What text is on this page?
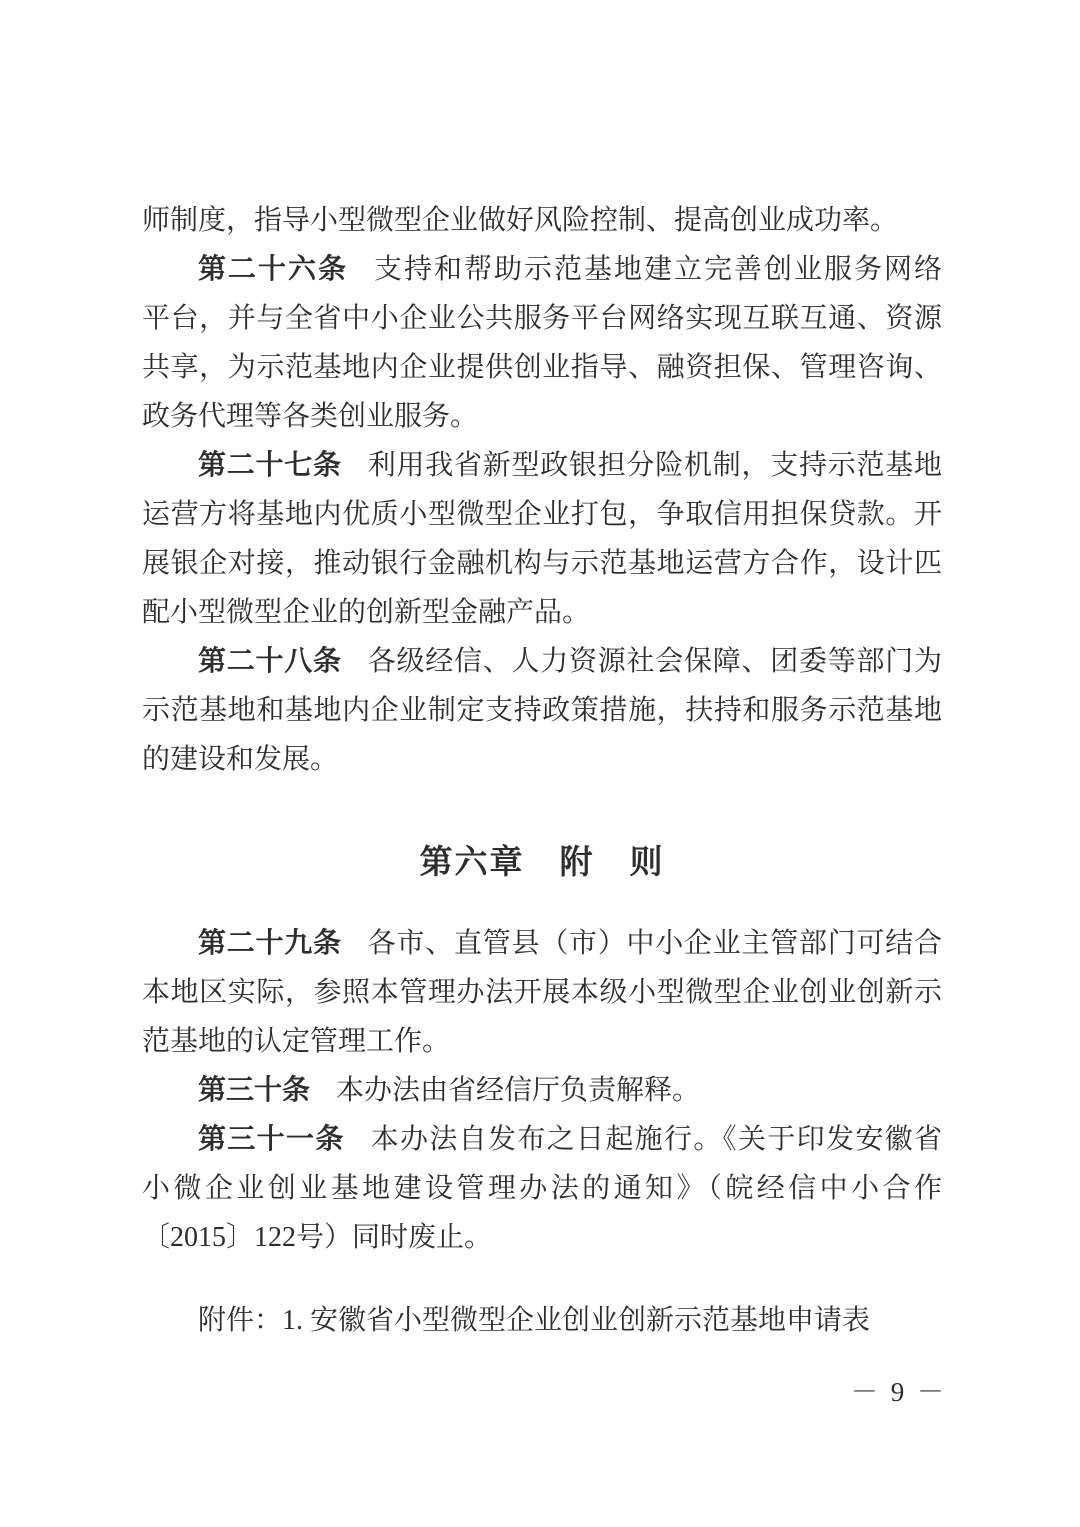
师制度，指导小型微型企业做好风险控制、提高创业成功率。

第二十六条 支持和帮助示范基地建立完善创业服务网络

平台，并与全省中小企业公共服务平台网络实现互联互通、资源

共享，为示范基地内企业提供创业指导、融资担保、管理咨询、

政务代理等各类创业服务。

第二十七条 利用我省新型政银担分险机制，支持示范基地

运营方将基地内优质小型微型企业打包，争取信用担保贷款。开

展银企对接，推动银行金融机构与示范基地运营方合作，设计匹

配小型微型企业的创新型金融产品。

第二十八条 各级经信、人力资源社会保障、团委等部门为

示范基地和基地内企业制定支持政策措施，扶持和服务示范基地

的建设和发展。

第六章　附　则

第二十九条 各市、直管县（市）中小企业主管部门可结合

本地区实际，参照本管理办法开展本级小型微型企业创业创新示

范基地的认定管理工作。

第三十条 本办法由省经信厅负责解释。

第三十一条 本办法自发布之日起施行。《关于印发安徽省

小微企业创业基地建设管理办法的通知》（皖经信中小合作

〔2015〕122号）同时废止。

附件：1. 安徽省小型微型企业创业创新示范基地申请表

－ 9 －
